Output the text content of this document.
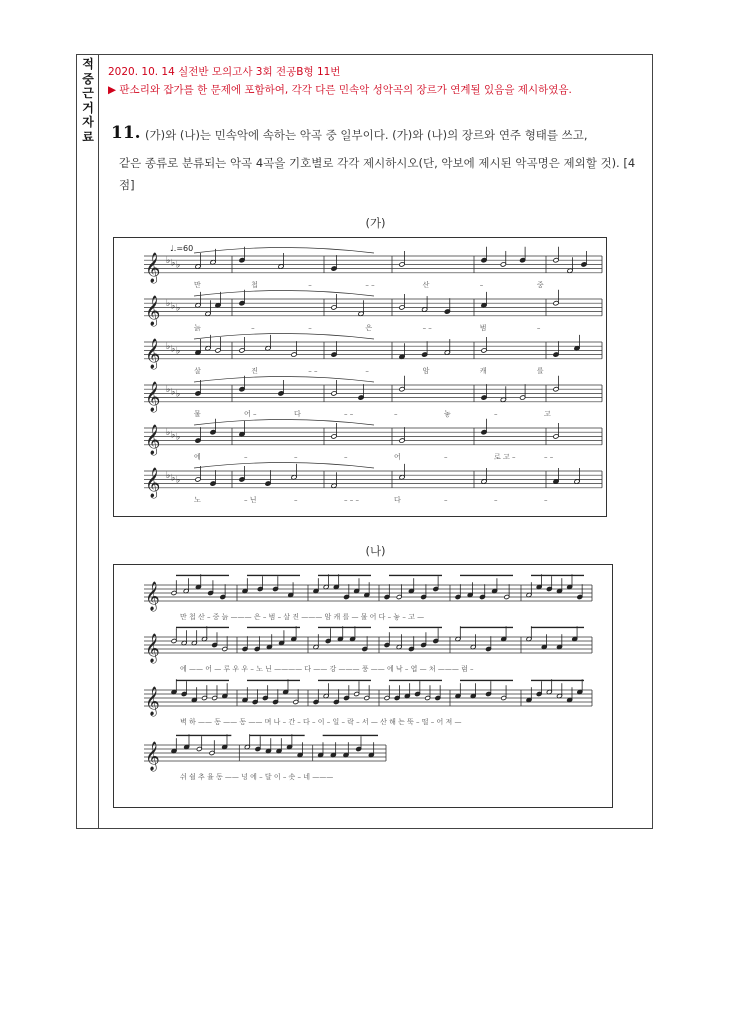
적
중
근
거
자
료
2020. 10. 14 실전반 모의고사 3회 전공B형 11번
▶ 판소리와 잡가를 한 문제에 포함하여, 각각 다른 민속악 성악곡의 장르가 연계될 있음을 제시하였음.
11. (가)와 (나)는 민속악에 속하는 악곡 중 일부이다. (가)와 (나)의 장르와 연주 형태를 쓰고,
같은 종류로 분류되는 악곡 4곡을 기호별로 각각 제시하시오(단, 악보에 제시된 악곡명은 제외할 것). [4점]
(가)
♩.=60
𝄞 ♭ ♭ ♭
만	첩	–	– –	산	–	중
𝄞 ♭ ♭ ♭
늙	–	–	은	– –	범	–
𝄞 ♭ ♭ ♭
살	진	– –	–	암	캐	를
𝄞 ♭ ♭ ♭
물	어 –	다	– –	–	놓	–	고
𝄞 ♭ ♭ ♭
에	–	–	–	어	–	로 고 –	– –
𝄞 ♭ ♭ ♭
노	– 닌	–	– – –	다	–	–	–
(나)
𝄞
만 첩 산 – 중 늙 ——— 은 – 범 – 살 진 ——— 암 캐 를 — 물 어 다 – 놓 – 고 —
𝄞
에 —— 어 — 루 우 우 – 노 닌 ———— 다 —— 강 ——— 풍 —— 에 낙 – 엽 — 처 ——— 럼 –
𝄞
벽 하 —— 동 —— 동 —— 며 나 – 간 – 다 – 이 – 일 – 락 – 서 — 산 해 는 뚝 – 떨 – 어 져 —
𝄞
쉬 쉴 추 율 동 —— 넝 에 – 달 이 – 솟 – 네 ———
